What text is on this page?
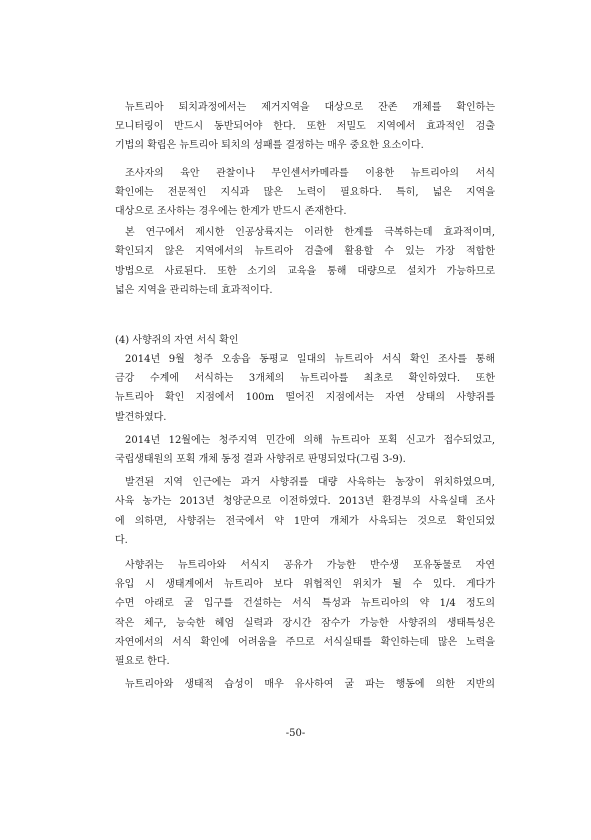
뉴트리아 퇴치과정에서는 제거지역을 대상으로 잔존 개체를 확인하는
모니터링이 반드시 동반되어야 한다. 또한 저밀도 지역에서 효과적인 검출
기법의 확립은 뉴트리아 퇴치의 성패를 결정하는 매우 중요한 요소이다.
조사자의 육안 관찰이나 무인센서카메라를 이용한 뉴트리아의 서식
확인에는 전문적인 지식과 많은 노력이 필요하다. 특히, 넓은 지역을
대상으로 조사하는 경우에는 한계가 반드시 존재한다.
본 연구에서 제시한 인공상륙지는 이러한 한계를 극복하는데 효과적이며,
확인되지 않은 지역에서의 뉴트리아 검출에 활용할 수 있는 가장 적합한
방법으로 사료된다. 또한 소기의 교육을 통해 대량으로 설치가 가능하므로
넓은 지역을 관리하는데 효과적이다.
(4) 사향쥐의 자연 서식 확인
2014년 9월 청주 오송읍 동평교 일대의 뉴트리아 서식 확인 조사를 통해
금강 수계에 서식하는 3개체의 뉴트리아를 최초로 확인하였다. 또한
뉴트리아 확인 지점에서 100m 떨어진 지점에서는 자연 상태의 사향쥐를
발견하였다.
2014년 12월에는 청주지역 민간에 의해 뉴트리아 포획 신고가 접수되었고,
국립생태원의 포획 개체 동정 결과 사향쥐로 판명되었다(그림 3-9).
발견된 지역 인근에는 과거 사향쥐를 대량 사육하는 농장이 위치하였으며,
사육 농가는 2013년 청양군으로 이전하였다. 2013년 환경부의 사육실태 조사
에 의하면, 사향쥐는 전국에서 약 1만여 개체가 사육되는 것으로 확인되었
다.
사향쥐는 뉴트리아와 서식지 공유가 가능한 반수생 포유동물로 자연
유입 시 생태계에서 뉴트리아 보다 위협적인 위치가 될 수 있다. 게다가
수면 아래로 굴 입구를 건설하는 서식 특성과 뉴트리아의 약 1/4 정도의
작은 체구, 능숙한 헤엄 실력과 장시간 잠수가 가능한 사향쥐의 생태특성은
자연에서의 서식 확인에 어려움을 주므로 서식실태를 확인하는데 많은 노력을
필요로 한다.
뉴트리아와 생태적 습성이 매우 유사하여 굴 파는 행동에 의한 지반의
-50-
